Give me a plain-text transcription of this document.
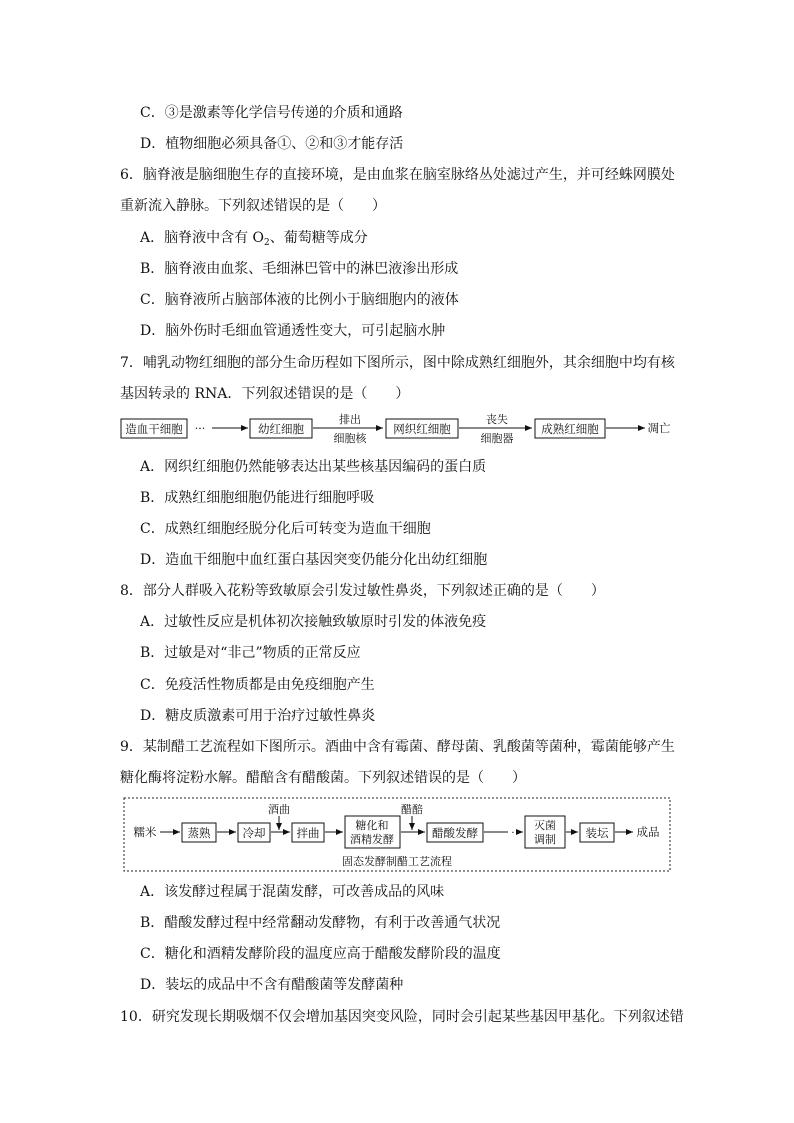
C．③是激素等化学信号传递的介质和通路
D．植物细胞必须具备①、②和③才能存活
6．脑脊液是脑细胞生存的直接环境，是由血浆在脑室脉络丛处滤过产生，并可经蛛网膜处
重新流入静脉。下列叙述错误的是（　　）
A．脑脊液中含有 $O_2$、葡萄糖等成分
B．脑脊液由血浆、毛细淋巴管中的淋巴液渗出形成
C．脑脊液所占脑部体液的比例小于脑细胞内的液体
D．脑外伤时毛细血管通透性变大，可引起脑水肿
7．哺乳动物红细胞的部分生命历程如下图所示，图中除成熟红细胞外，其余细胞中均有核
基因转录的 RNA．下列叙述错误的是（　　）
造血干细胞 ···	幼红细胞
排出
细胞核
网织红细胞
丧失
细胞器
成熟红细胞	凋亡
糯米	蒸熟	冷却
酒曲
拌曲
糖化和
酒精发酵
醋醅
醋酸发酵	·
灭菌
调制	装坛 成品
固态发酵制醋工艺流程
A．网织红细胞仍然能够表达出某些核基因编码的蛋白质
B．成熟红细胞细胞仍能进行细胞呼吸
C．成熟红细胞经脱分化后可转变为造血干细胞
D．造血干细胞中血红蛋白基因突变仍能分化出幼红细胞
8．部分人群吸入花粉等致敏原会引发过敏性鼻炎，下列叙述正确的是（　　）
A．过敏性反应是机体初次接触致敏原时引发的体液免疫
B．过敏是对“非己”物质的正常反应
C．免疫活性物质都是由免疫细胞产生
D．糖皮质激素可用于治疗过敏性鼻炎
9．某制醋工艺流程如下图所示。酒曲中含有霉菌、酵母菌、乳酸菌等菌种，霉菌能够产生
糖化酶将淀粉水解。醋醅含有醋酸菌。下列叙述错误的是（　　）
A．该发酵过程属于混菌发酵，可改善成品的风味
B．醋酸发酵过程中经常翻动发酵物，有利于改善通气状况
C．糖化和酒精发酵阶段的温度应高于醋酸发酵阶段的温度
D．装坛的成品中不含有醋酸菌等发酵菌种
10．研究发现长期吸烟不仅会增加基因突变风险，同时会引起某些基因甲基化。下列叙述错
